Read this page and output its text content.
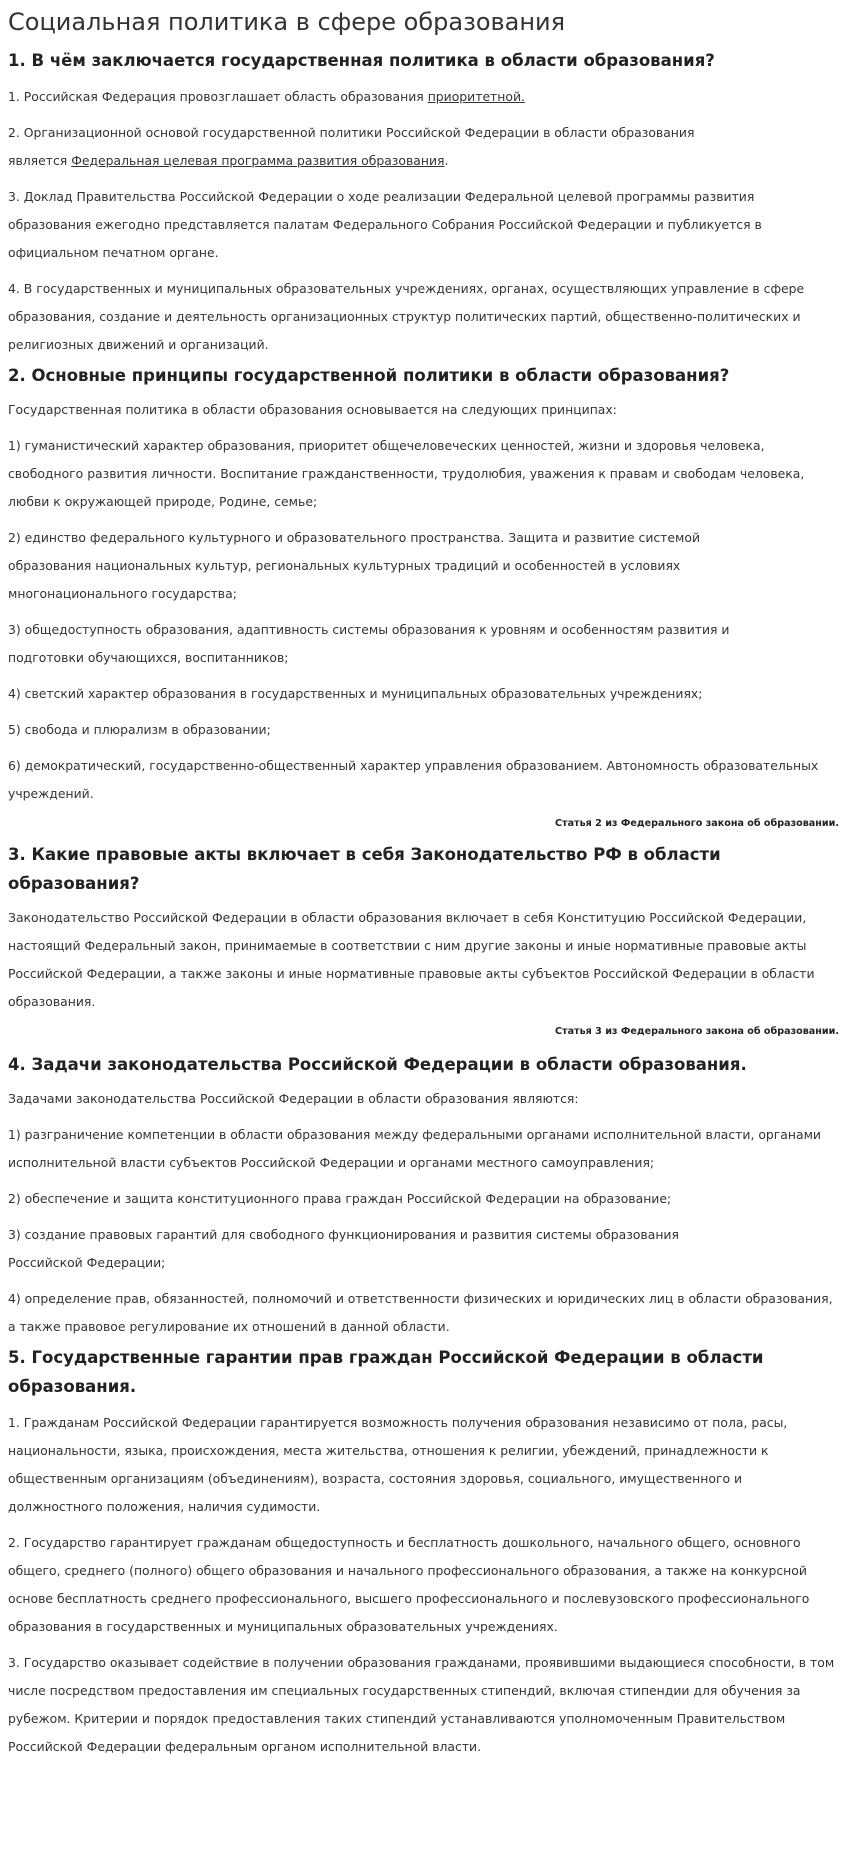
Социальная политика в сфере образования
1. В чём заключается государственная политика в области образования?

1. Российская Федерация провозглашает область образования приоритетной.

2. Организационной основой государственной политики Российской Федерации в области образования является Федеральная целевая программа развития образования.

3. Доклад Правительства Российской Федерации о ходе реализации Федеральной целевой программы развития образования ежегодно представляется палатам Федерального Собрания Российской Федерации и публикуется в официальном печатном органе.

4. В государственных и муниципальных образовательных учреждениях, органах, осуществляющих управление в сфере образования, создание и деятельность организационных структур политических партий, общественно-политических и религиозных движений и организаций.

2. Основные принципы государственной политики в области образования?

Государственная политика в области образования основывается на следующих принципах:

1) гуманистический характер образования, приоритет общечеловеческих ценностей, жизни и здоровья человека, свободного развития личности. Воспитание гражданственности, трудолюбия, уважения к правам и свободам человека, любви к окружающей природе, Родине, семье;

2) единство федерального культурного и образовательного пространства. Защита и развитие системой образования национальных культур, региональных культурных традиций и особенностей в условиях многонационального государства;

3) общедоступность образования, адаптивность системы образования к уровням и особенностям развития и подготовки обучающихся, воспитанников;

4) светский характер образования в государственных и муниципальных образовательных учреждениях;

5) свобода и плюрализм в образовании;

6) демократический, государственно-общественный характер управления образованием. Автономность образовательных учреждений.

Статья 2 из Федерального закона об образовании.

3. Какие правовые акты включает в себя Законодательство РФ в области образования?

Законодательство Российской Федерации в области образования включает в себя Конституцию Российской Федерации, настоящий Федеральный закон, принимаемые в соответствии с ним другие законы и иные нормативные правовые акты Российской Федерации, а также законы и иные нормативные правовые акты субъектов Российской Федерации в области образования.

Статья 3 из Федерального закона об образовании.

4. Задачи законодательства Российской Федерации в области образования.

Задачами законодательства Российской Федерации в области образования являются:

1) разграничение компетенции в области образования между федеральными органами исполнительной власти, органами исполнительной власти субъектов Российской Федерации и органами местного самоуправления;

2) обеспечение и защита конституционного права граждан Российской Федерации на образование;

3) создание правовых гарантий для свободного функционирования и развития системы образования Российской Федерации;

4) определение прав, обязанностей, полномочий и ответственности физических и юридических лиц в области образования, а также правовое регулирование их отношений в данной области.

5. Государственные гарантии прав граждан Российской Федерации в области образования.

1. Гражданам Российской Федерации гарантируется возможность получения образования независимо от пола, расы, национальности, языка, происхождения, места жительства, отношения к религии, убеждений, принадлежности к общественным организациям (объединениям), возраста, состояния здоровья, социального, имущественного и должностного положения, наличия судимости.

2. Государство гарантирует гражданам общедоступность и бесплатность дошкольного, начального общего, основного общего, среднего (полного) общего образования и начального профессионального образования, а также на конкурсной основе бесплатность среднего профессионального, высшего профессионального и послевузовского профессионального образования в государственных и муниципальных образовательных учреждениях.

3. Государство оказывает содействие в получении образования гражданами, проявившими выдающиеся способности, в том числе посредством предоставления им специальных государственных стипендий, включая стипендии для обучения за рубежом. Критерии и порядок предоставления таких стипендий устанавливаются уполномоченным Правительством Российской Федерации федеральным органом исполнительной власти.
